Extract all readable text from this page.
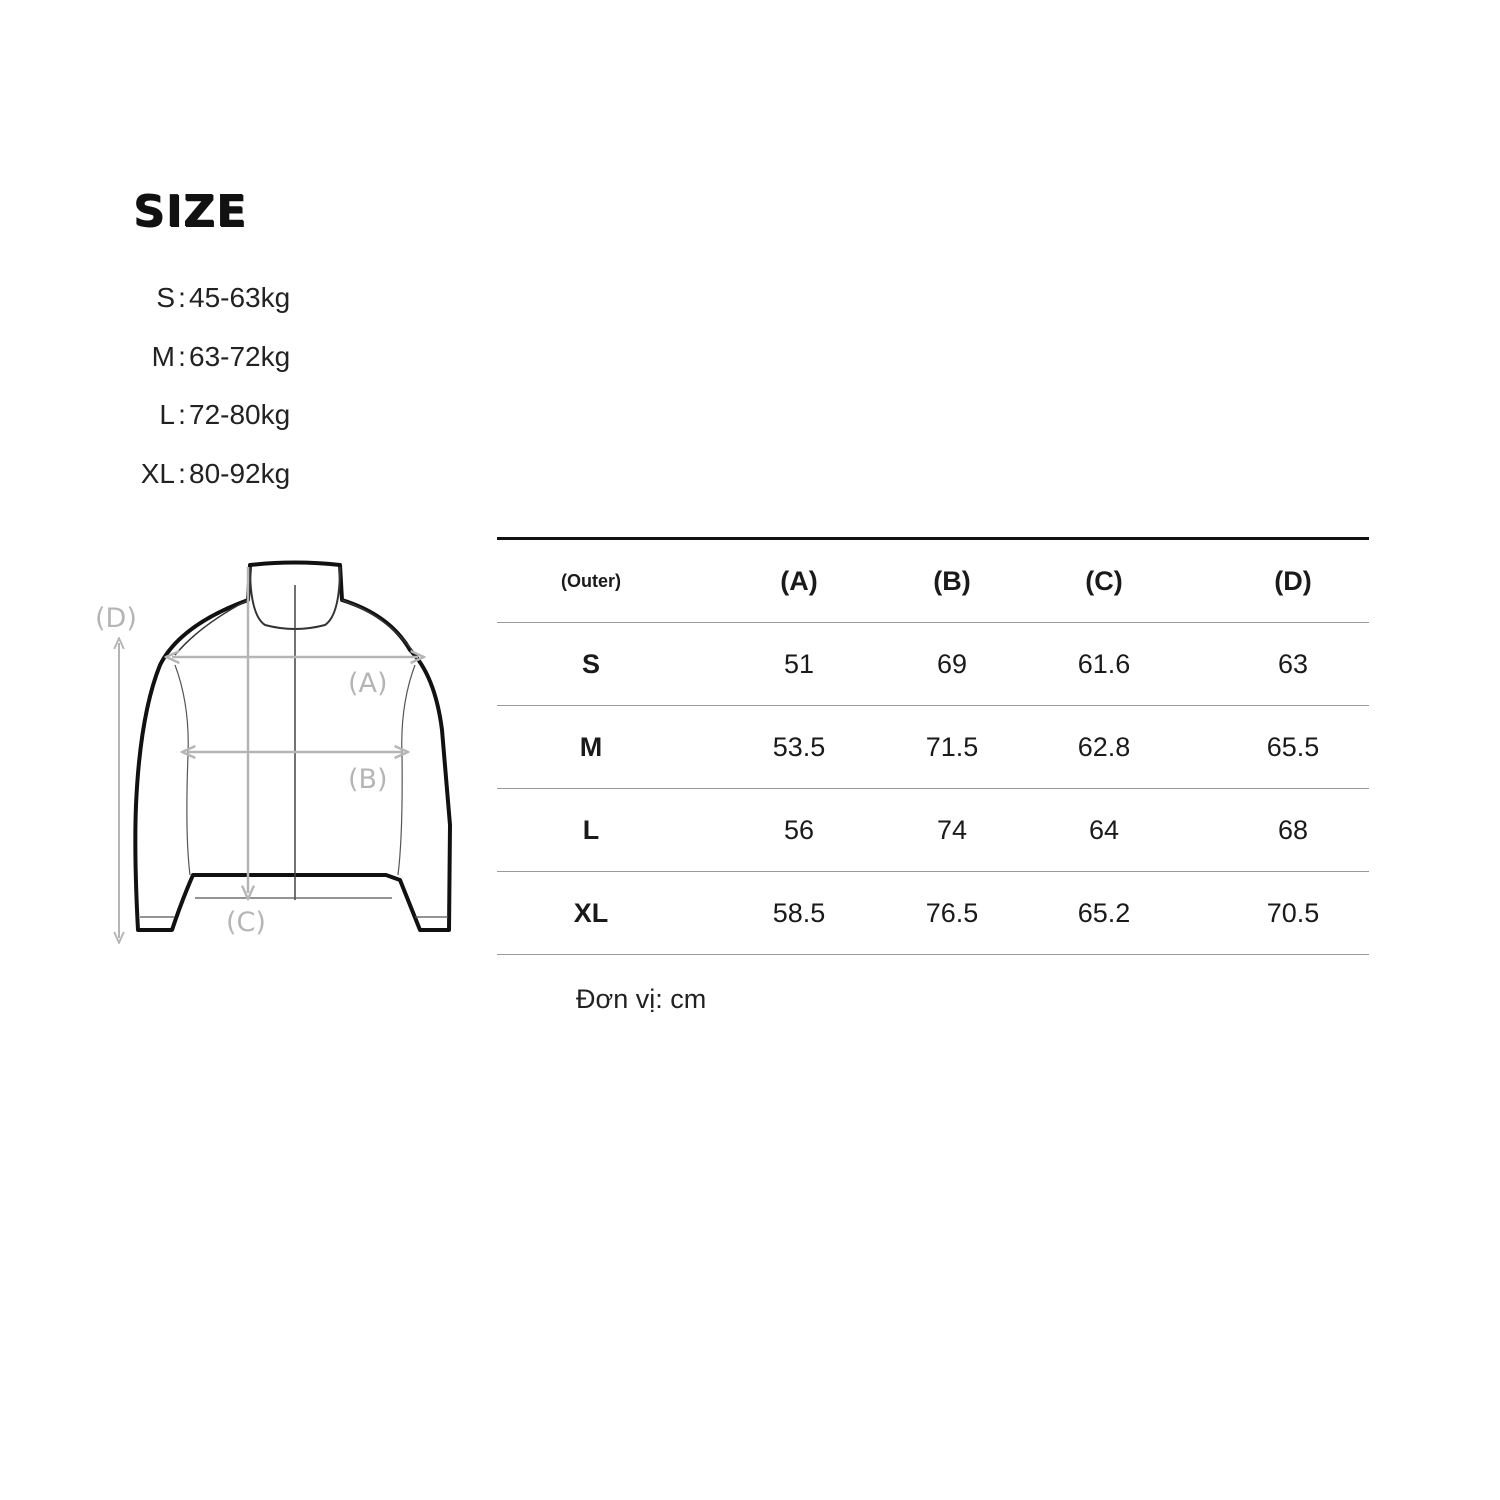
SIZE
S : 45-63kg
M : 63-72kg
L : 72-80kg
XL : 80-92kg
(A)
(B)
(C)
(D)
(Outer)	(A)	(B)	(C)	(D)
S	51	69	61.6	63
M	53.5	71.5	62.8	65.5
L	56	74	64	68
XL	58.5	76.5	65.2	70.5
Đơn vị: cm
